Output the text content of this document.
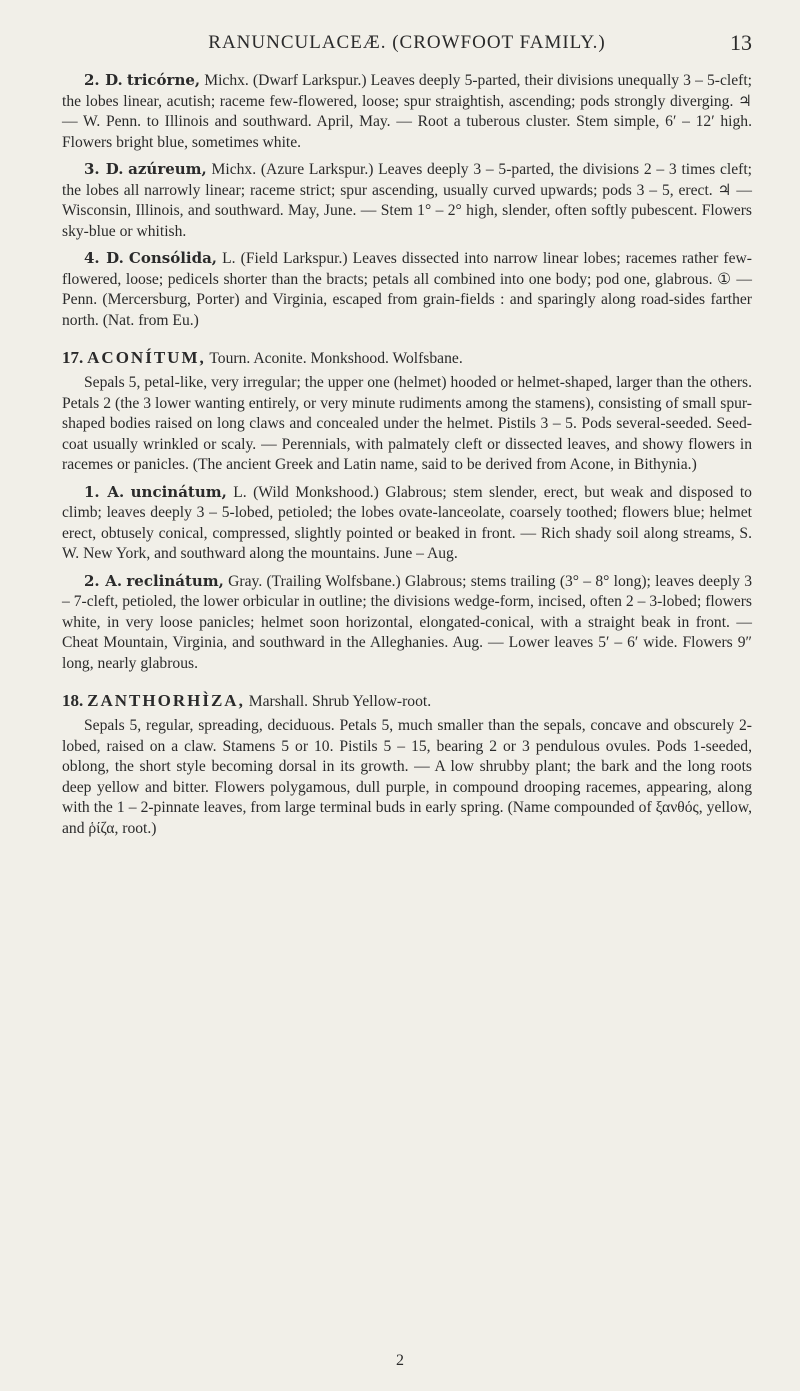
RANUNCULACEÆ. (CROWFOOT FAMILY.)	13

2. D. tricórne, Michx. (Dwarf Larkspur.) Leaves deeply 5-parted, their divisions unequally 3 – 5-cleft; the lobes linear, acutish; raceme few-flowered, loose; spur straightish, ascending; pods strongly diverging. ♃ — W. Penn. to Illinois and southward. April, May. — Root a tuberous cluster. Stem simple, 6′ – 12′ high. Flowers bright blue, sometimes white.

3. D. azúreum, Michx. (Azure Larkspur.) Leaves deeply 3 – 5-parted, the divisions 2 – 3 times cleft; the lobes all narrowly linear; raceme strict; spur ascending, usually curved upwards; pods 3 – 5, erect. ♃ — Wisconsin, Illinois, and southward. May, June. — Stem 1° – 2° high, slender, often softly pubescent. Flowers sky-blue or whitish.

4. D. Consólida, L. (Field Larkspur.) Leaves dissected into narrow linear lobes; racemes rather few-flowered, loose; pedicels shorter than the bracts; petals all combined into one body; pod one, glabrous. ① — Penn. (Mercersburg, Porter) and Virginia, escaped from grain-fields : and sparingly along road-sides farther north. (Nat. from Eu.)

17. ACONÍTUM, Tourn. Aconite. Monkshood. Wolfsbane.

Sepals 5, petal-like, very irregular; the upper one (helmet) hooded or helmet-shaped, larger than the others. Petals 2 (the 3 lower wanting entirely, or very minute rudiments among the stamens), consisting of small spur-shaped bodies raised on long claws and concealed under the helmet. Pistils 3 – 5. Pods several-seeded. Seed-coat usually wrinkled or scaly. — Perennials, with palmately cleft or dissected leaves, and showy flowers in racemes or panicles. (The ancient Greek and Latin name, said to be derived from Acone, in Bithynia.)

1. A. uncinátum, L. (Wild Monkshood.) Glabrous; stem slender, erect, but weak and disposed to climb; leaves deeply 3 – 5-lobed, petioled; the lobes ovate-lanceolate, coarsely toothed; flowers blue; helmet erect, obtusely conical, compressed, slightly pointed or beaked in front. — Rich shady soil along streams, S. W. New York, and southward along the mountains. June – Aug.

2. A. reclinátum, Gray. (Trailing Wolfsbane.) Glabrous; stems trailing (3° – 8° long); leaves deeply 3 – 7-cleft, petioled, the lower orbicular in outline; the divisions wedge-form, incised, often 2 – 3-lobed; flowers white, in very loose panicles; helmet soon horizontal, elongated-conical, with a straight beak in front. — Cheat Mountain, Virginia, and southward in the Alleghanies. Aug. — Lower leaves 5′ – 6′ wide. Flowers 9″ long, nearly glabrous.

18. ZANTHORHÌZA, Marshall. Shrub Yellow-root.

Sepals 5, regular, spreading, deciduous. Petals 5, much smaller than the sepals, concave and obscurely 2-lobed, raised on a claw. Stamens 5 or 10. Pistils 5 – 15, bearing 2 or 3 pendulous ovules. Pods 1-seeded, oblong, the short style becoming dorsal in its growth. — A low shrubby plant; the bark and the long roots deep yellow and bitter. Flowers polygamous, dull purple, in compound drooping racemes, appearing, along with the 1 – 2-pinnate leaves, from large terminal buds in early spring. (Name compounded of ξανθός, yellow, and ῥίζα, root.)

2
